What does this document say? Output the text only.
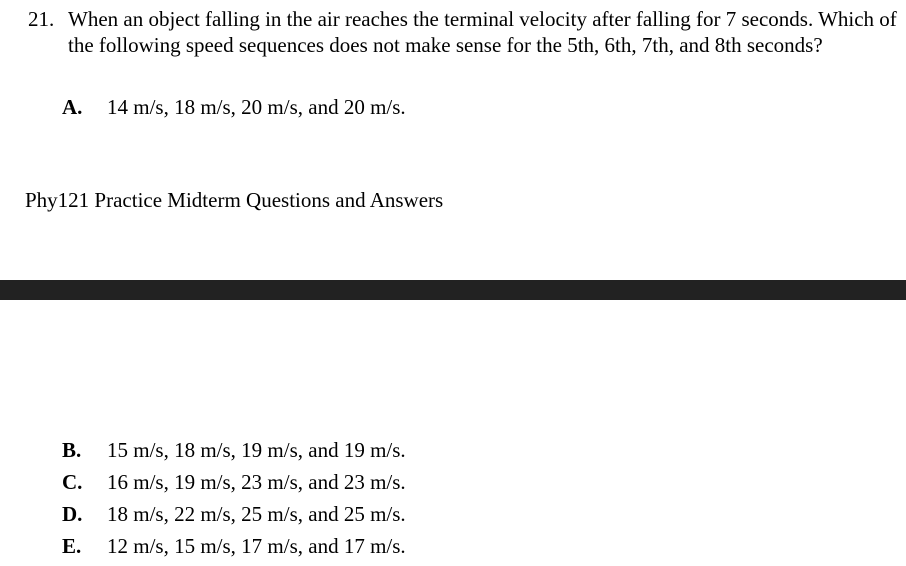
21. When an object falling in the air reaches the terminal velocity after falling for 7 seconds. Which of the following speed sequences does not make sense for the 5th, 6th, 7th, and 8th seconds?
A. 14 m/s, 18 m/s, 20 m/s, and 20 m/s.
Phy121 Practice Midterm Questions and Answers
B. 15 m/s, 18 m/s, 19 m/s, and 19 m/s.
C. 16 m/s, 19 m/s, 23 m/s, and 23 m/s.
D. 18 m/s, 22 m/s, 25 m/s, and 25 m/s.
E. 12 m/s, 15 m/s, 17 m/s, and 17 m/s.
